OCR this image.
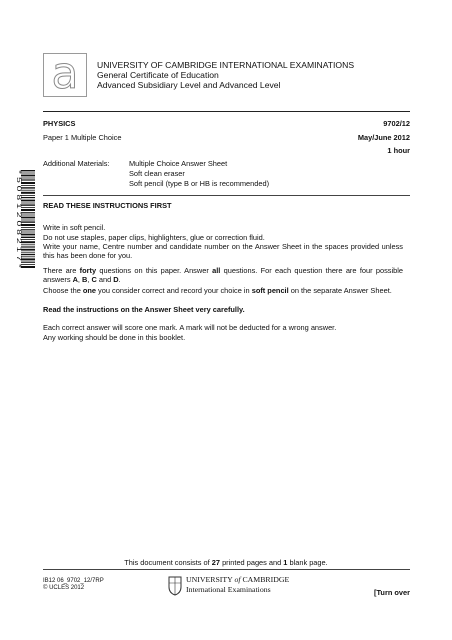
a	UNIVERSITY OF CAMBRIDGE INTERNATIONAL EXAMINATIONS
General Certificate of Education
Advanced Subsidiary Level and Advanced Level
PHYSICS	9702/12
Paper 1 Multiple Choice	May/June 2012
1 hour
Additional Materials:	Multiple Choice Answer Sheet
Soft clean eraser
Soft pencil (type B or HB is recommended)
* 5 0 8 1 2 0 8 2 1 7 *	READ THESE INSTRUCTIONS FIRST
Write in soft pencil.
Do not use staples, paper clips, highlighters, glue or correction fluid.
Write your name, Centre number and candidate number on the Answer Sheet in the spaces provided unless this has been done for you.
There are forty questions on this paper. Answer all questions. For each question there are four possible answers A, B, C and D.
Choose the one you consider correct and record your choice in soft pencil on the separate Answer Sheet.
Read the instructions on the Answer Sheet very carefully.
Each correct answer will score one mark. A mark will not be deducted for a wrong answer.
Any working should be done in this booklet.
This document consists of 27 printed pages and 1 blank page.
IB12 06_9702_12/7RP
© UCLES 2012
UNIVERSITY of CAMBRIDGE
International Examinations	[Turn over
